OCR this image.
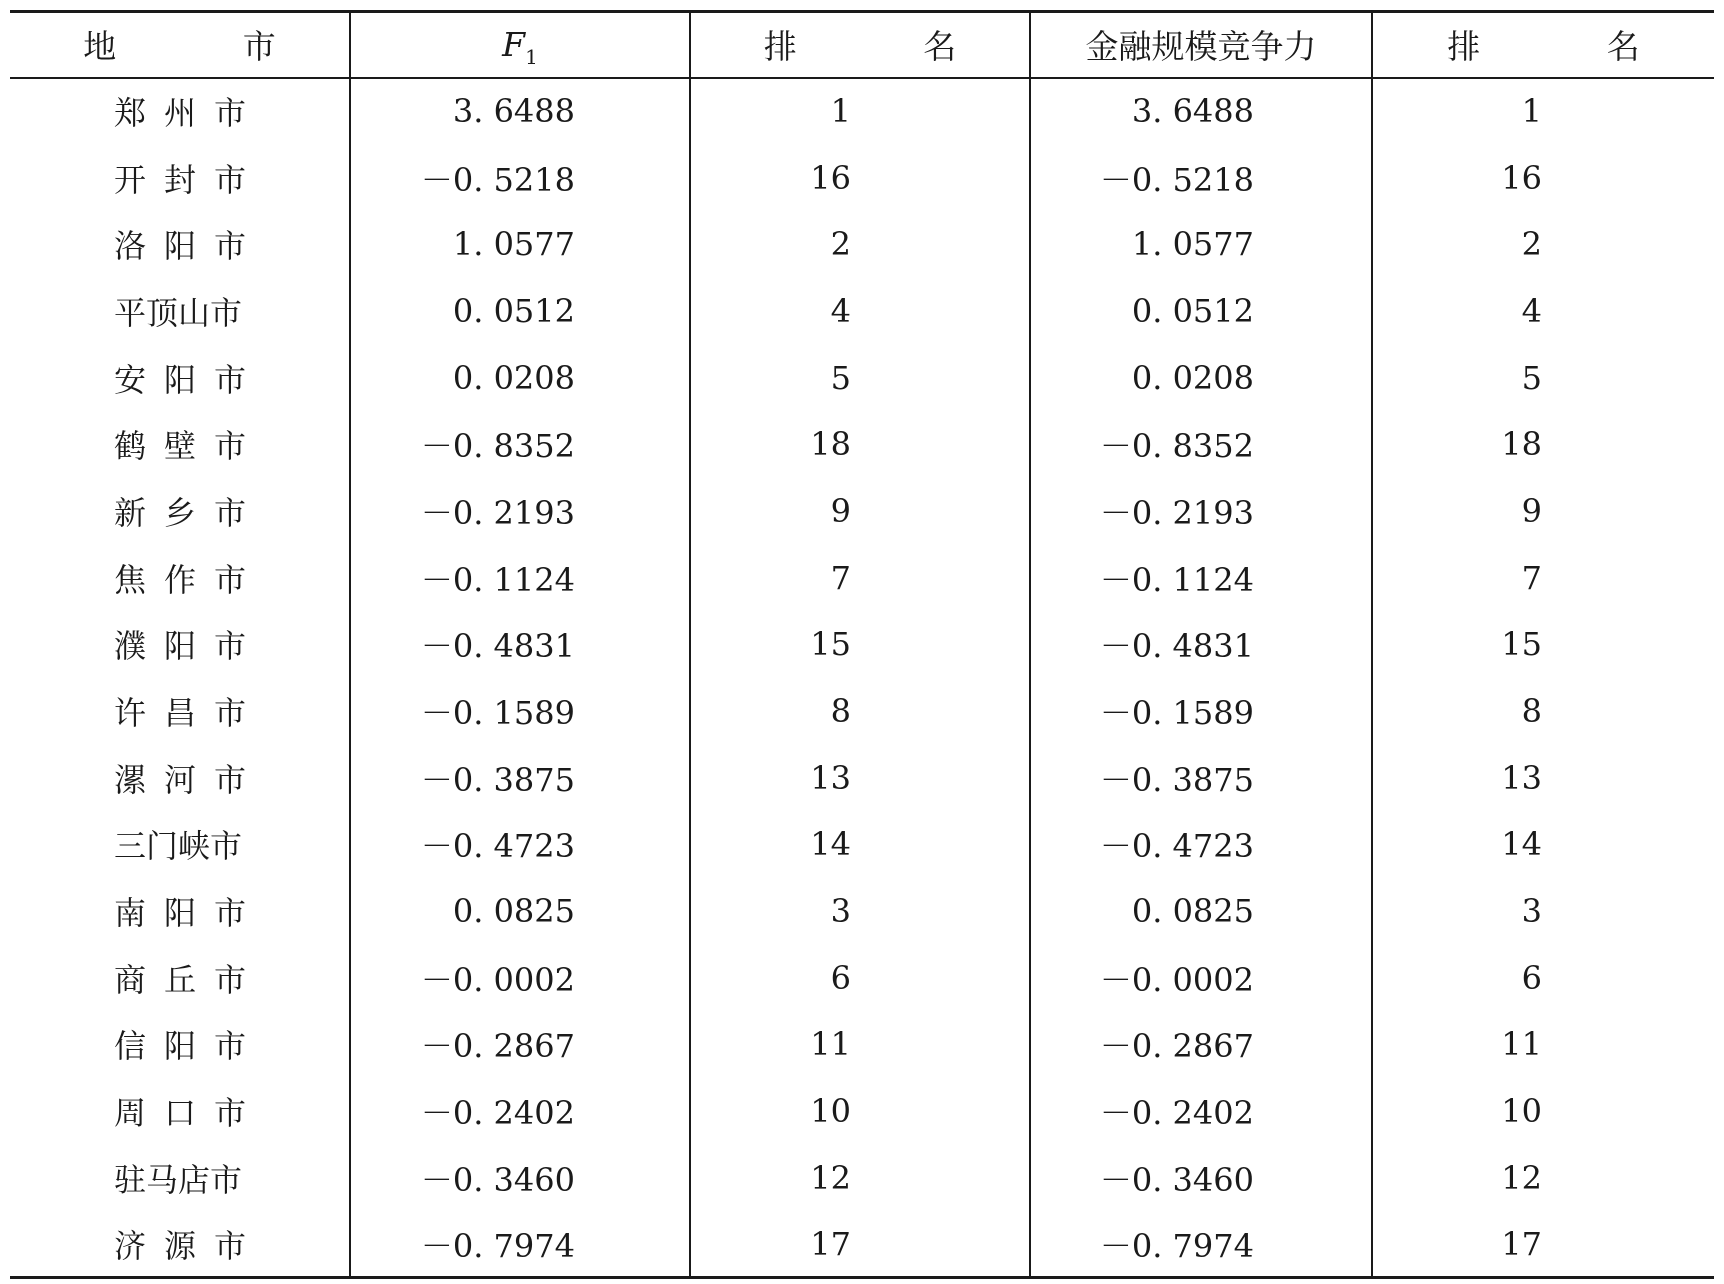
地 市	$F_1$	排 名	金融规模竞争力	排 名
郑州市	3. 6488	1	3. 6488	1
开封市	－0. 5218	16	－0. 5218	16
洛阳市	1. 0577	2	1. 0577	2
平顶山市	0. 0512	4	0. 0512	4
安阳市	0. 0208	5	0. 0208	5
鹤壁市	－0. 8352	18	－0. 8352	18
新乡市	－0. 2193	9	－0. 2193	9
焦作市	－0. 1124	7	－0. 1124	7
濮阳市	－0. 4831	15	－0. 4831	15
许昌市	－0. 1589	8	－0. 1589	8
漯河市	－0. 3875	13	－0. 3875	13
三门峡市	－0. 4723	14	－0. 4723	14
南阳市	0. 0825	3	0. 0825	3
商丘市	－0. 0002	6	－0. 0002	6
信阳市	－0. 2867	11	－0. 2867	11
周口市	－0. 2402	10	－0. 2402	10
驻马店市	－0. 3460	12	－0. 3460	12
济源市	－0. 7974	17	－0. 7974	17
